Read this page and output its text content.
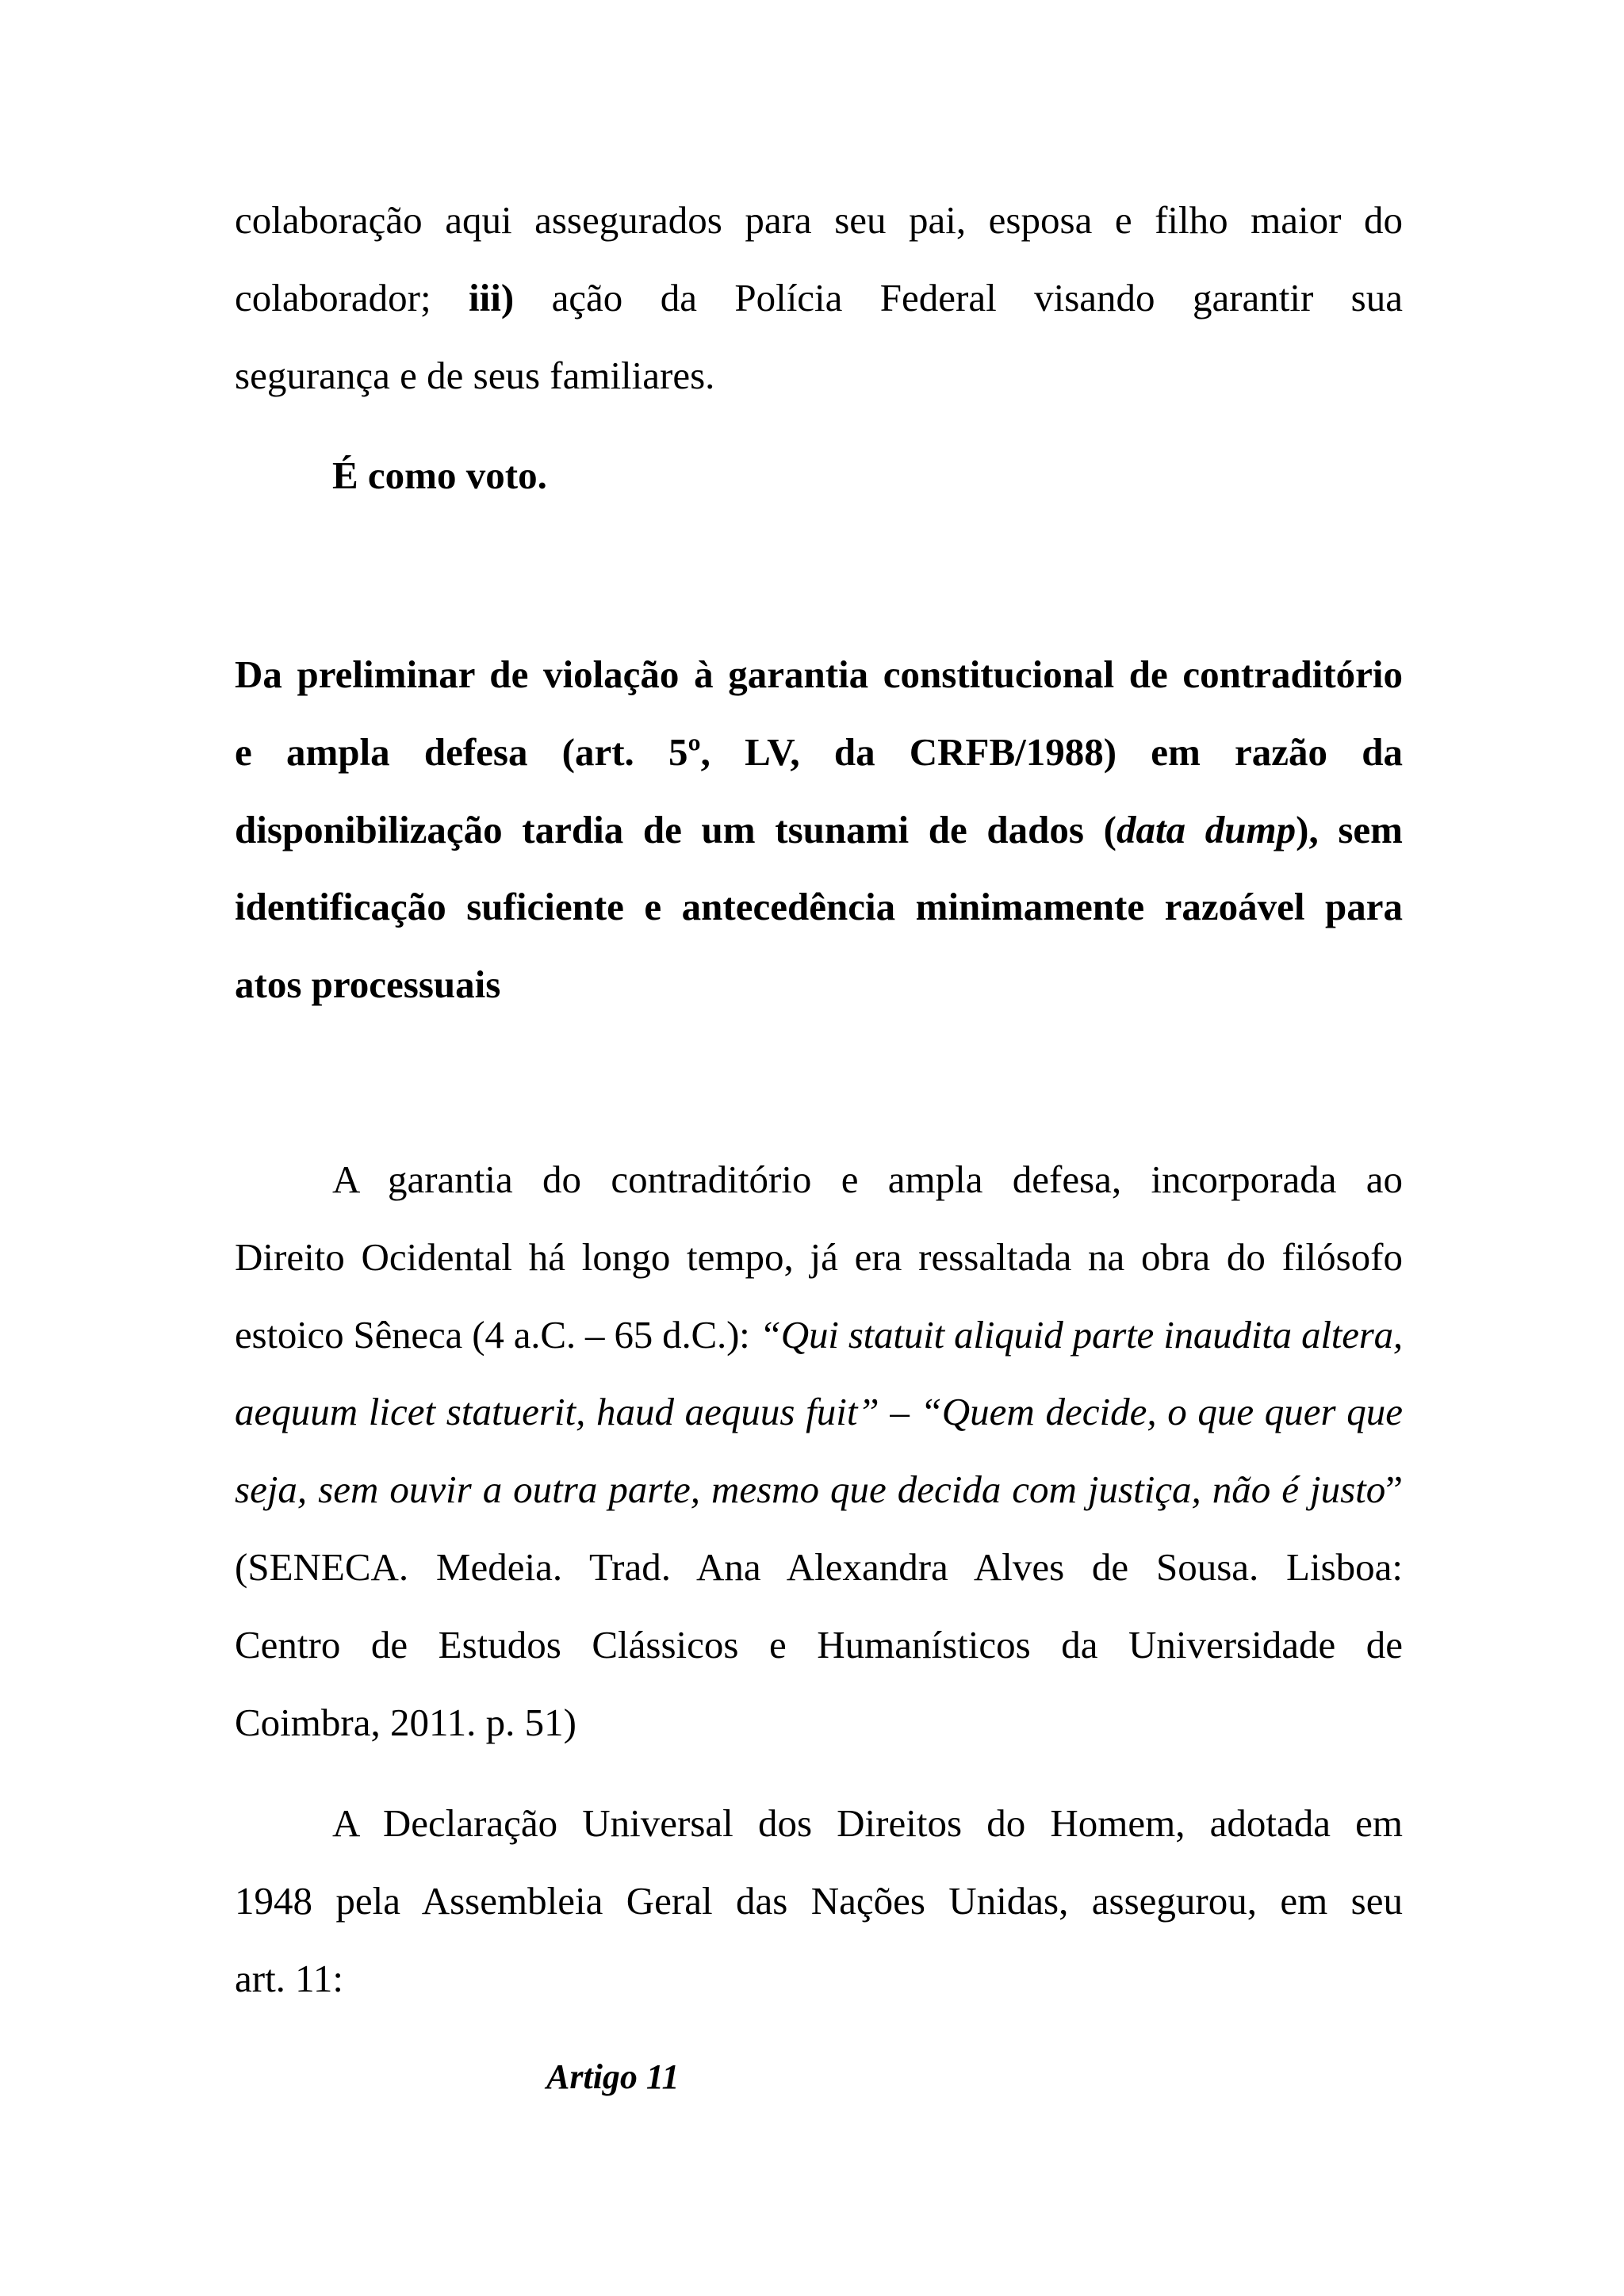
colaboração aqui assegurados para seu pai, esposa e filho maior do
colaborador; iii) ação da Polícia Federal visando garantir sua
segurança e de seus familiares.
É como voto.
Da preliminar de violação à garantia constitucional de contraditório
e ampla defesa (art. 5º, LV, da CRFB/1988) em razão da
disponibilização tardia de um tsunami de dados (data dump), sem
identificação suficiente e antecedência minimamente razoável para
atos processuais
A garantia do contraditório e ampla defesa, incorporada ao
Direito Ocidental há longo tempo, já era ressaltada na obra do filósofo
estoico Sêneca (4 a.C. – 65 d.C.): “Qui statuit aliquid parte inaudita altera,
aequum licet statuerit, haud aequus fuit” – “Quem decide, o que quer que
seja, sem ouvir a outra parte, mesmo que decida com justiça, não é justo”
(SENECA. Medeia. Trad. Ana Alexandra Alves de Sousa. Lisboa:
Centro de Estudos Clássicos e Humanísticos da Universidade de
Coimbra, 2011. p. 51)
A Declaração Universal dos Direitos do Homem, adotada em
1948 pela Assembleia Geral das Nações Unidas, assegurou, em seu
art. 11:
Artigo 11
